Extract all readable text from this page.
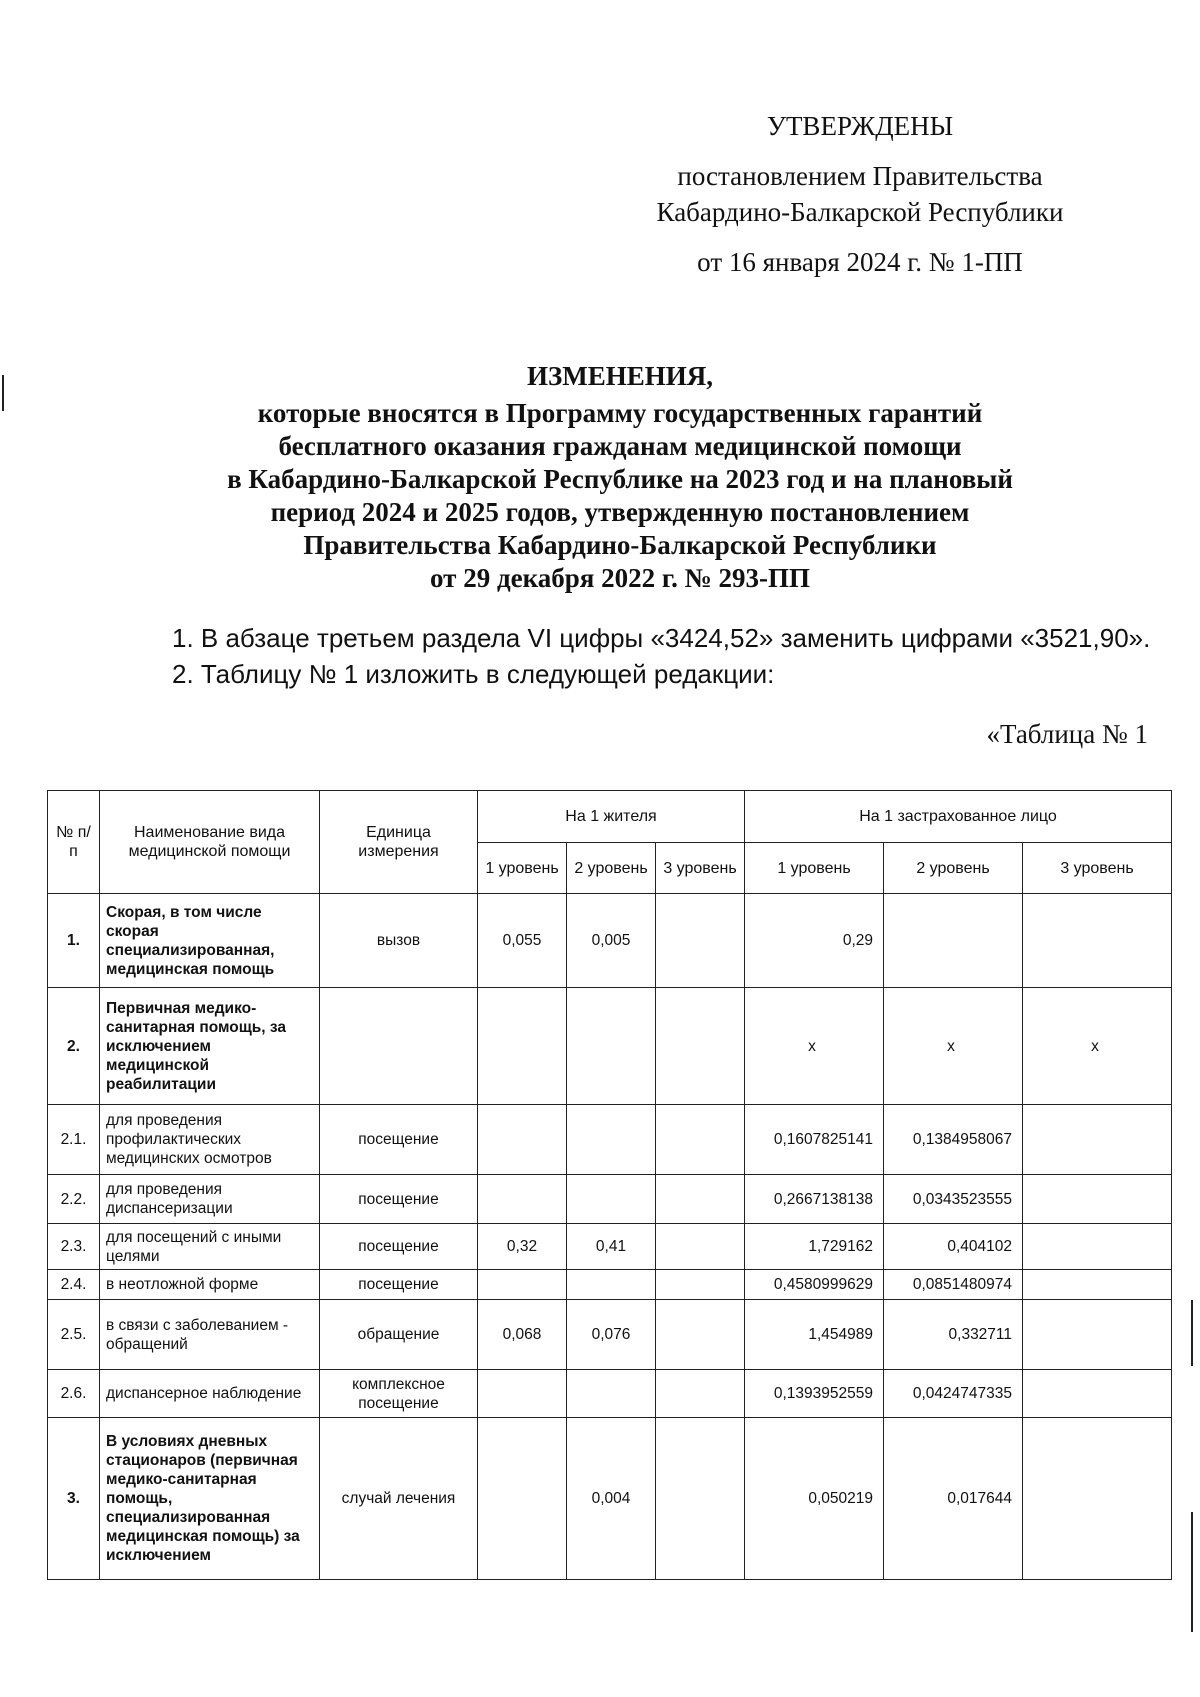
УТВЕРЖДЕНЫ
постановлением Правительства
Кабардино-Балкарской Республики
от 16 января 2024 г. № 1-ПП
ИЗМЕНЕНИЯ,
которые вносятся в Программу государственных гарантий
бесплатного оказания гражданам медицинской помощи
в Кабардино-Балкарской Республике на 2023 год и на плановый
период 2024 и 2025 годов, утвержденную постановлением
Правительства Кабардино-Балкарской Республики
от 29 декабря 2022 г. № 293-ПП

1. В абзаце третьем раздела VI цифры «3424,52» заменить цифрами «3521,90».

2. Таблицу № 1 изложить в следующей редакции:

«Таблица № 1
№ п/п	Наименование вида медицинской помощи	Единица измерения	На 1 жителя			На 1 застрахованное лицо		
			1 уровень	2 уровень	3 уровень	1 уровень	2 уровень	3 уровень
1.	Скорая, в том числе скорая специализированная, медицинская помощь	вызов	0,055	0,005		0,29		
2.	Первичная медико-санитарная помощь, за исключением медицинской реабилитации					х	х	х
2.1.	для проведения профилактических медицинских осмотров	посещение				0,1607825141	0,1384958067	
2.2.	для проведения диспансеризации	посещение				0,2667138138	0,0343523555	
2.3.	для посещений с иными целями	посещение	0,32	0,41		1,729162	0,404102	
2.4.	в неотложной форме	посещение				0,4580999629	0,0851480974	
2.5.	в связи с заболеванием - обращений	обращение	0,068	0,076		1,454989	0,332711	
2.6.	диспансерное наблюдение	комплексное посещение				0,1393952559	0,0424747335	
3.	В условиях дневных стационаров (первичная медико-санитарная помощь, специализированная медицинская помощь) за исключением	случай лечения		0,004		0,050219	0,017644	
